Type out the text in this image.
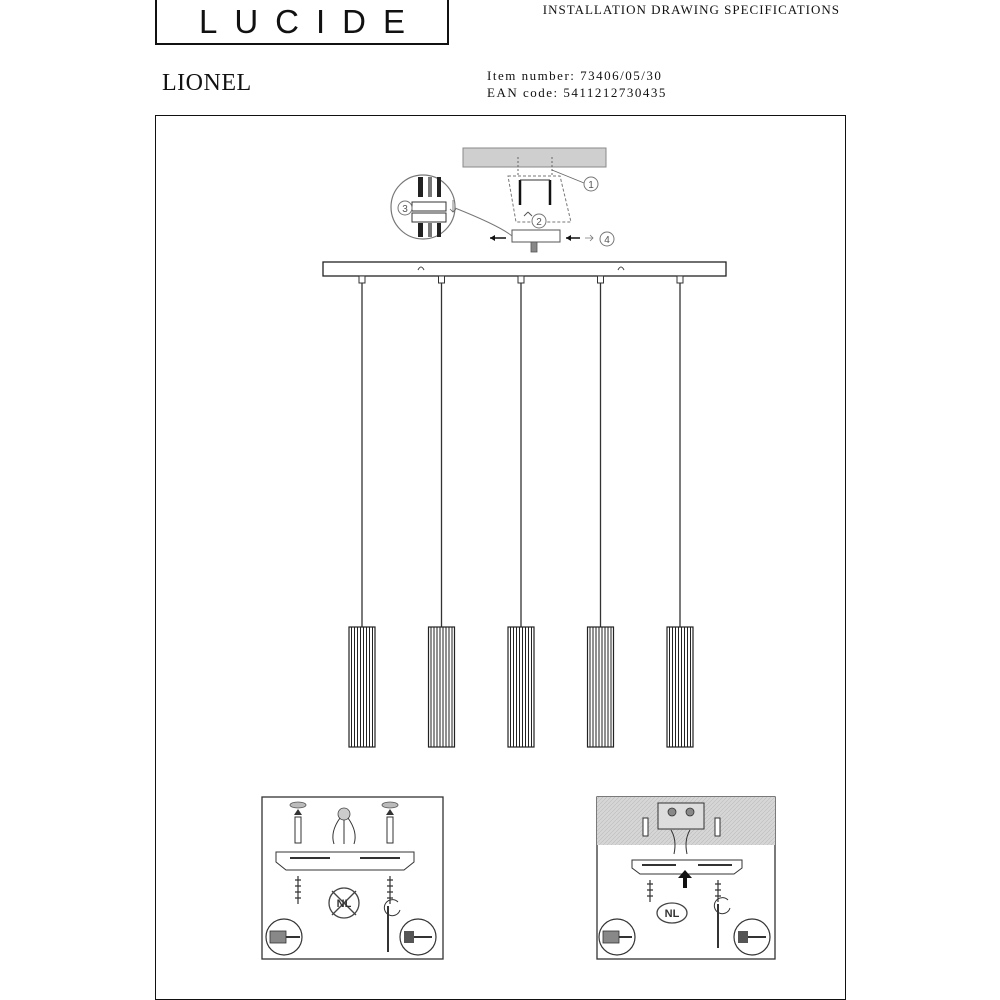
LUCIDE	INSTALLATION DRAWING SPECIFICATIONS
LIONEL	Item number: 73406/05/30
EAN code: 5411212730435
1
2
4
3
NL
NL
